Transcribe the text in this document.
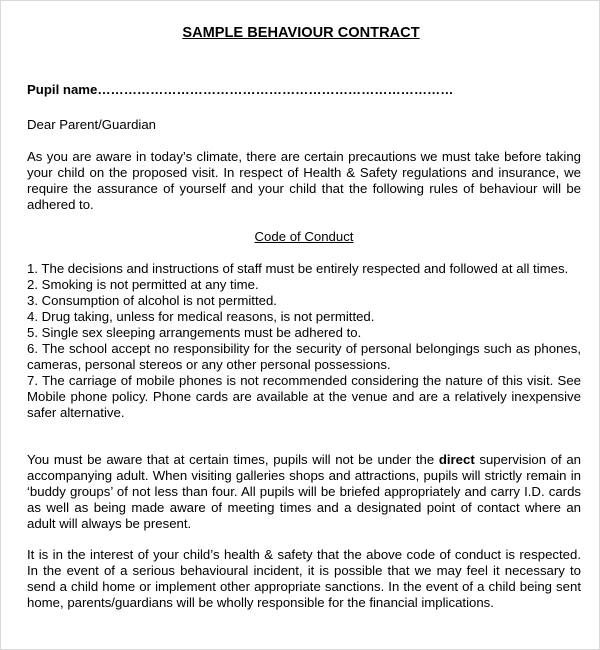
SAMPLE BEHAVIOUR CONTRACT
Pupil name………………………………………………………………………
Dear Parent/Guardian
As you are aware in today’s climate, there are certain precautions we must take before taking your child on the proposed visit. In respect of Health & Safety regulations and insurance, we require the assurance of yourself and your child that the following rules of behaviour will be adhered to.
Code of Conduct
1. The decisions and instructions of staff must be entirely respected and followed at all times.
2. Smoking is not permitted at any time.
3. Consumption of alcohol is not permitted.
4. Drug taking, unless for medical reasons, is not permitted.
5. Single sex sleeping arrangements must be adhered to.
6. The school accept no responsibility for the security of personal belongings such as phones, cameras, personal stereos or any other personal possessions.
7. The carriage of mobile phones is not recommended considering the nature of this visit. See Mobile phone policy. Phone cards are available at the venue and are a relatively inexpensive safer alternative.
You must be aware that at certain times, pupils will not be under the direct supervision of an accompanying adult. When visiting galleries shops and attractions, pupils will strictly remain in ‘buddy groups’ of not less than four. All pupils will be briefed appropriately and carry I.D. cards as well as being made aware of meeting times and a designated point of contact where an adult will always be present.
It is in the interest of your child’s health & safety that the above code of conduct is respected. In the event of a serious behavioural incident, it is possible that we may feel it necessary to send a child home or implement other appropriate sanctions. In the event of a child being sent home, parents/guardians will be wholly responsible for the financial implications.
